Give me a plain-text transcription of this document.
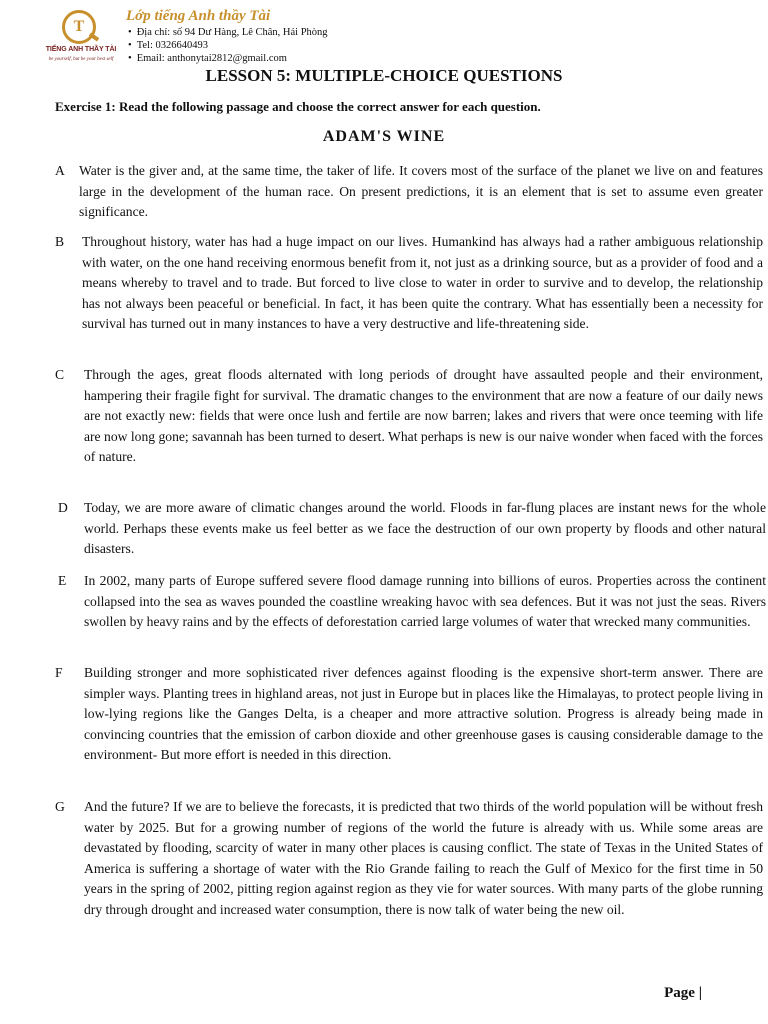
T
TIẾNG ANH THẦY TÀI
be yourself, but be your best self
Lớp tiếng Anh thầy Tài
• Địa chỉ: số 94 Dư Hàng, Lê Chân, Hải Phòng
• Tel: 0326640493
• Email: anthonytai2812@gmail.com
LESSON 5: MULTIPLE-CHOICE QUESTIONS
Exercise 1: Read the following passage and choose the correct answer for each question.
ADAM'S WINE
A	Water is the giver and, at the same time, the taker of life. It covers most of the surface of the planet we live on and features large in the development of the human race. On present predictions, it is an element that is set to assume even greater significance.
B	Throughout history, water has had a huge impact on our lives. Humankind has always had a rather ambiguous relationship with water, on the one hand receiving enormous benefit from it, not just as a drinking source, but as a provider of food and a means whereby to travel and to trade. But forced to live close to water in order to survive and to develop, the relationship has not always been peaceful or beneficial. In fact, it has been quite the contrary. What has essentially been a necessity for survival has turned out in many instances to have a very destructive and life-threatening side.
C	Through the ages, great floods alternated with long periods of drought have assaulted people and their environment, hampering their fragile fight for survival. The dramatic changes to the environment that are now a feature of our daily news are not exactly new: fields that were once lush and fertile are now barren; lakes and rivers that were once teeming with life are now long gone; savannah has been turned to desert. What perhaps is new is our naive wonder when faced with the forces of nature.
D	Today, we are more aware of climatic changes around the world. Floods in far-flung places are instant news for the whole world. Perhaps these events make us feel better as we face the destruction of our own property by floods and other natural disasters.
E	In 2002, many parts of Europe suffered severe flood damage running into billions of euros. Properties across the continent collapsed into the sea as waves pounded the coastline wreaking havoc with sea defences. But it was not just the seas. Rivers swollen by heavy rains and by the effects of deforestation carried large volumes of water that wrecked many communities.
F	Building stronger and more sophisticated river defences against flooding is the expensive short-term answer. There are simpler ways. Planting trees in highland areas, not just in Europe but in places like the Himalayas, to protect people living in low-lying regions like the Ganges Delta, is a cheaper and more attractive solution. Progress is already being made in convincing countries that the emission of carbon dioxide and other greenhouse gases is causing considerable damage to the environment- But more effort is needed in this direction.
G	And the future? If we are to believe the forecasts, it is predicted that two thirds of the world population will be without fresh water by 2025. But for a growing number of regions of the world the future is already with us. While some areas are devastated by flooding, scarcity of water in many other places is causing conflict. The state of Texas in the United States of America is suffering a shortage of water with the Rio Grande failing to reach the Gulf of Mexico for the first time in 50 years in the spring of 2002, pitting region against region as they vie for water sources. With many parts of the globe running dry through drought and increased water consumption, there is now talk of water being the new oil.
Page |
